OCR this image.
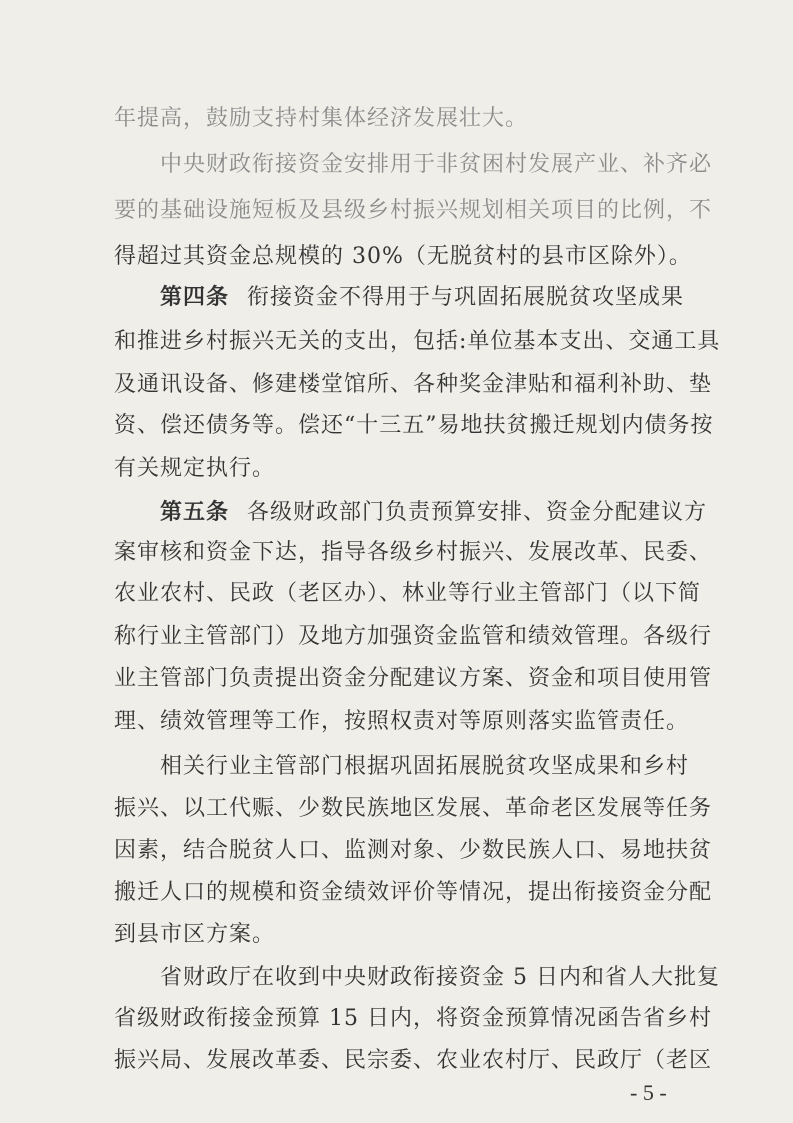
年提高，鼓励支持村集体经济发展壮大。
中央财政衔接资金安排用于非贫困村发展产业、补齐必
要的基础设施短板及县级乡村振兴规划相关项目的比例，不
得超过其资金总规模的 30%（无脱贫村的县市区除外）。
第四条 衔接资金不得用于与巩固拓展脱贫攻坚成果
和推进乡村振兴无关的支出，包括:单位基本支出、交通工具
及通讯设备、修建楼堂馆所、各种奖金津贴和福利补助、垫
资、偿还债务等。偿还“十三五”易地扶贫搬迁规划内债务按
有关规定执行。
第五条 各级财政部门负责预算安排、资金分配建议方
案审核和资金下达，指导各级乡村振兴、发展改革、民委、
农业农村、民政（老区办）、林业等行业主管部门（以下简
称行业主管部门）及地方加强资金监管和绩效管理。各级行
业主管部门负责提出资金分配建议方案、资金和项目使用管
理、绩效管理等工作，按照权责对等原则落实监管责任。
相关行业主管部门根据巩固拓展脱贫攻坚成果和乡村
振兴、以工代赈、少数民族地区发展、革命老区发展等任务
因素，结合脱贫人口、监测对象、少数民族人口、易地扶贫
搬迁人口的规模和资金绩效评价等情况，提出衔接资金分配
到县市区方案。
省财政厅在收到中央财政衔接资金 5 日内和省人大批复
省级财政衔接金预算 15 日内，将资金预算情况函告省乡村
振兴局、发展改革委、民宗委、农业农村厅、民政厅（老区
- 5 -
